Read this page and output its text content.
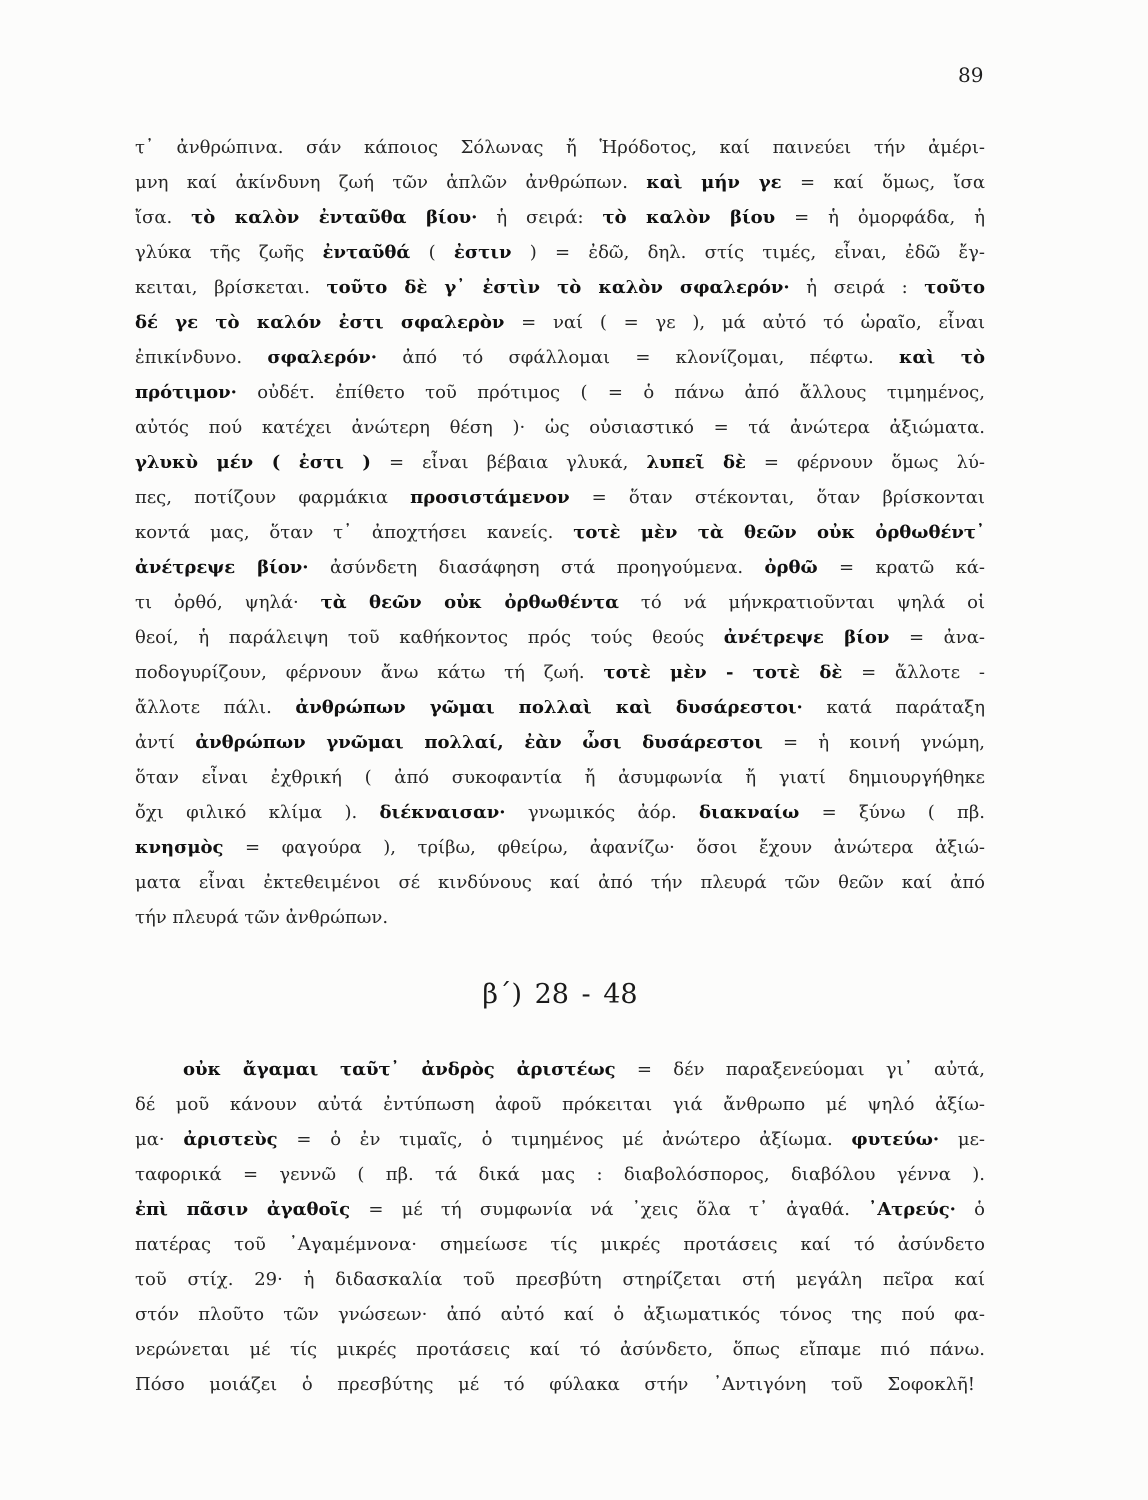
89
τ᾽ ἀνθρώπινα. σάν κάποιος Σόλωνας ἤ Ἡρόδοτος, καί παινεύει τήν ἀμέρι-
μνη καί ἀκίνδυνη ζωή τῶν ἁπλῶν ἀνθρώπων. καὶ μήν γε = καί ὅμως, ἴσα
ἴσα. τὸ καλὸν ἐνταῦθα βίου· ἡ σειρά: τὸ καλὸν βίου = ἡ ὀμορφάδα, ἡ
γλύκα τῆς ζωῆς ἐνταῦθά ( ἐστιν ) = ἐδῶ, δηλ. στίς τιμές, εἶναι, ἐδῶ ἔγ-
κειται, βρίσκεται. τοῦτο δὲ γ᾽ ἐστὶν τὸ καλὸν σφαλερόν· ἡ σειρά : τοῦτο
δέ γε τὸ καλόν ἐστι σφαλερὸν = ναί ( = γε ), μά αὐτό τό ὡραῖο, εἶναι
ἐπικίνδυνο. σφαλερόν· ἀπό τό σφάλλομαι = κλονίζομαι, πέφτω. καὶ τὸ
πρότιμον· οὐδέτ. ἐπίθετο τοῦ πρότιμος ( = ὁ πάνω ἀπό ἄλλους τιμημένος,
αὐτός πού κατέχει ἀνώτερη θέση )· ὡς οὐσιαστικό = τά ἀνώτερα ἀξιώματα.
γλυκὺ μέν ( ἐστι ) = εἶναι βέβαια γλυκά, λυπεῖ δὲ = φέρνουν ὅμως λύ-
πες, ποτίζουν φαρμάκια προσιστάμενον = ὅταν στέκονται, ὅταν βρίσκονται
κοντά μας, ὅταν τ᾽ ἀποχτήσει κανείς. τοτὲ μὲν τὰ θεῶν οὐκ ὀρθωθέντ᾽
ἀνέτρεψε βίον· ἀσύνδετη διασάφηση στά προηγούμενα. ὀρθῶ = κρατῶ κά-
τι ὀρθό, ψηλά· τὰ θεῶν οὐκ ὀρθωθέντα τό νά μήνκρατιοῦνται ψηλά οἱ
θεοί, ἡ παράλειψη τοῦ καθήκοντος πρός τούς θεούς ἀνέτρεψε βίον = ἀνα-
ποδογυρίζουν, φέρνουν ἄνω κάτω τή ζωή. τοτὲ μὲν - τοτὲ δὲ = ἄλλοτε -
ἄλλοτε πάλι. ἀνθρώπων γῶμαι πολλαὶ καὶ δυσάρεστοι· κατά παράταξη
ἀντί ἀνθρώπων γνῶμαι πολλαί, ἐὰν ὦσι δυσάρεστοι = ἡ κοινή γνώμη,
ὅταν εἶναι ἐχθρική ( ἀπό συκοφαντία ἤ ἀσυμφωνία ἤ γιατί δημιουργήθηκε
ὄχι φιλικό κλίμα ). διέκναισαν· γνωμικός ἀόρ. διακναίω = ξύνω ( πβ.
κνησμὸς = φαγούρα ), τρίβω, φθείρω, ἀφανίζω· ὅσοι ἔχουν ἀνώτερα ἀξιώ-
ματα εἶναι ἐκτεθειμένοι σέ κινδύνους καί ἀπό τήν πλευρά τῶν θεῶν καί ἀπό
τήν πλευρά τῶν ἀνθρώπων.
β΄) 28 - 48
οὐκ ἄγαμαι ταῦτ᾽ ἀνδρὸς ἀριστέως = δέν παραξενεύομαι γι᾽ αὐτά,
δέ μοῦ κάνουν αὐτά ἐντύπωση ἀφοῦ πρόκειται γιά ἄνθρωπο μέ ψηλό ἀξίω-
μα· ἀριστεὺς = ὁ ἐν τιμαῖς, ὁ τιμημένος μέ ἀνώτερο ἀξίωμα. φυτεύω· με-
ταφορικά = γεννῶ ( πβ. τά δικά μας : διαβολόσπορος, διαβόλου γέννα ).
ἐπὶ πᾶσιν ἀγαθοῖς = μέ τή συμφωνία νά ᾽χεις ὅλα τ᾽ ἀγαθά. ᾿Ατρεύς· ὁ
πατέρας τοῦ ᾿Αγαμέμνονα· σημείωσε τίς μικρές προτάσεις καί τό ἀσύνδετο
τοῦ στίχ. 29· ἡ διδασκαλία τοῦ πρεσβύτη στηρίζεται στή μεγάλη πεῖρα καί
στόν πλοῦτο τῶν γνώσεων· ἀπό αὐτό καί ὁ ἀξιωματικός τόνος της πού φα-
νερώνεται μέ τίς μικρές προτάσεις καί τό ἀσύνδετο, ὅπως εἴπαμε πιό πάνω.
Πόσο μοιάζει ὁ πρεσβύτης μέ τό φύλακα στήν ᾿Αντιγόνη τοῦ Σοφοκλῆ!
